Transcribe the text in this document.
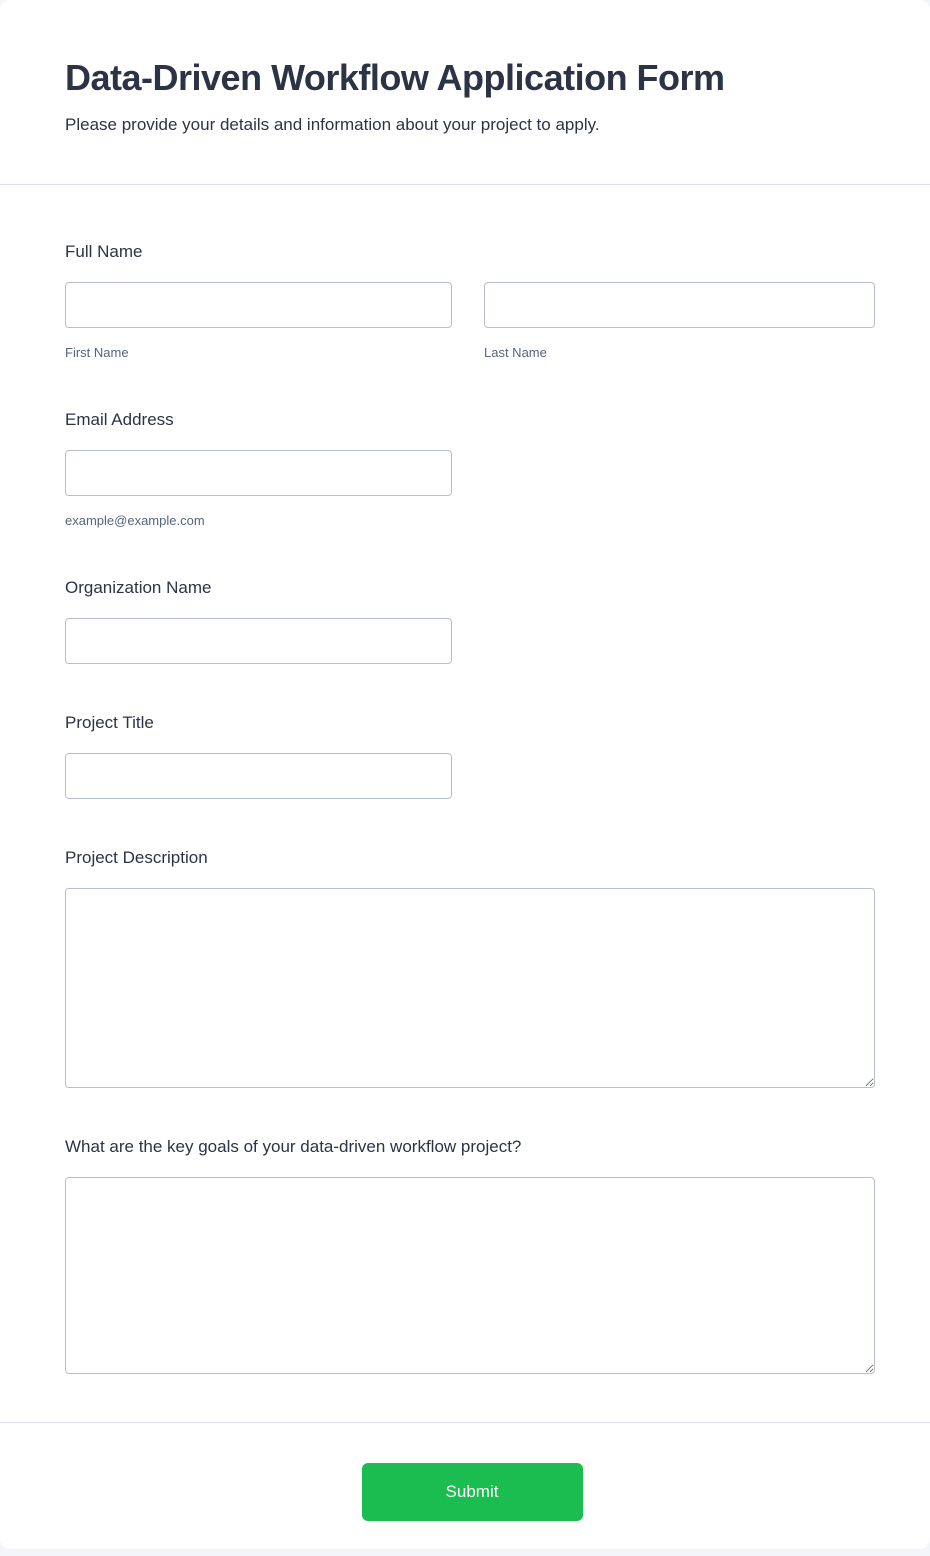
Data-Driven Workflow Application Form
Please provide your details and information about your project to apply.
Full Name
First Name	Last Name
Email Address
example@example.com
Organization Name
Project Title
Project Description
What are the key goals of your data-driven workflow project?
Submit
